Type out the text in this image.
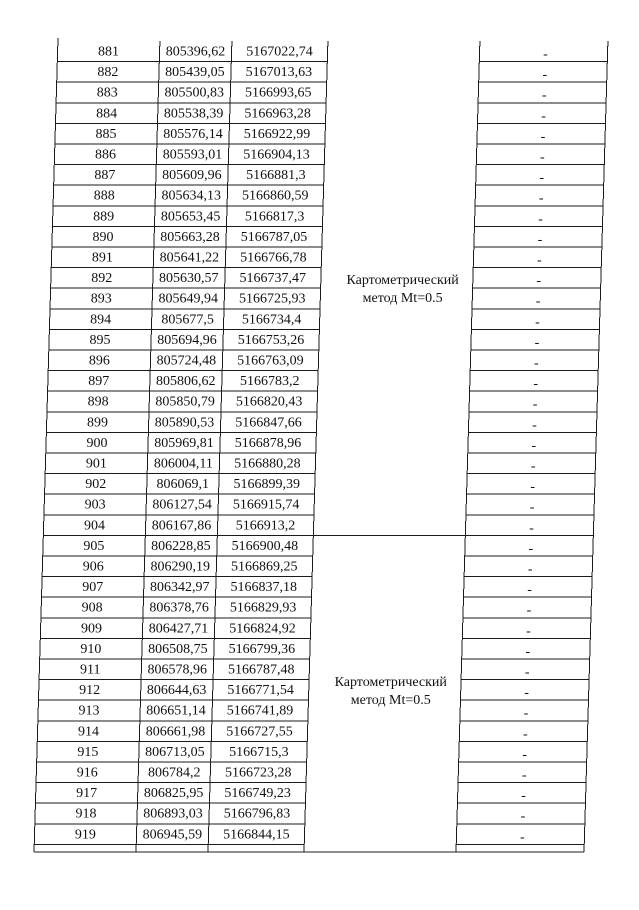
881	805396,62 5167022,74	-
882	805439,05 5167013,63	-
883	805500,83 5166993,65	-
884	805538,39 5166963,28	-
885	805576,14 5166922,99	-
886	805593,01 5166904,13	-
887	805609,96 5166881,3	-
888	805634,13 5166860,59	-
889	805653,45 5166817,3	-
890	805663,28 5166787,05	-
891	805641,22 5166766,78	-
892	805630,57 5166737,47	-
893	805649,94 5166725,93	-
894	805677,5 5166734,4	-
895	805694,96 5166753,26	-
896	805724,48 5166763,09	-
897	805806,62 5166783,2	-
898	805850,79 5166820,43	-
899	805890,53 5166847,66	-
900	805969,81 5166878,96	-
901	806004,11 5166880,28	-
902	806069,1 5166899,39	-
903	806127,54 5166915,74	-
904	806167,86 5166913,2	-
Картометрический
метод Mt=0.5
905	806228,85 5166900,48	-
906	806290,19 5166869,25	-
907	806342,97 5166837,18	-
908	806378,76 5166829,93	-
909	806427,71 5166824,92	-
910	806508,75 5166799,36	-
911	806578,96 5166787,48	-
912	806644,63 5166771,54	-
913	806651,14 5166741,89	-
914	806661,98 5166727,55	-
915	806713,05 5166715,3	-
916	806784,2 5166723,28	-
917	806825,95 5166749,23	-
918	806893,03 5166796,83	-
919	806945,59 5166844,15	-
Картометрический
метод Mt=0.5
